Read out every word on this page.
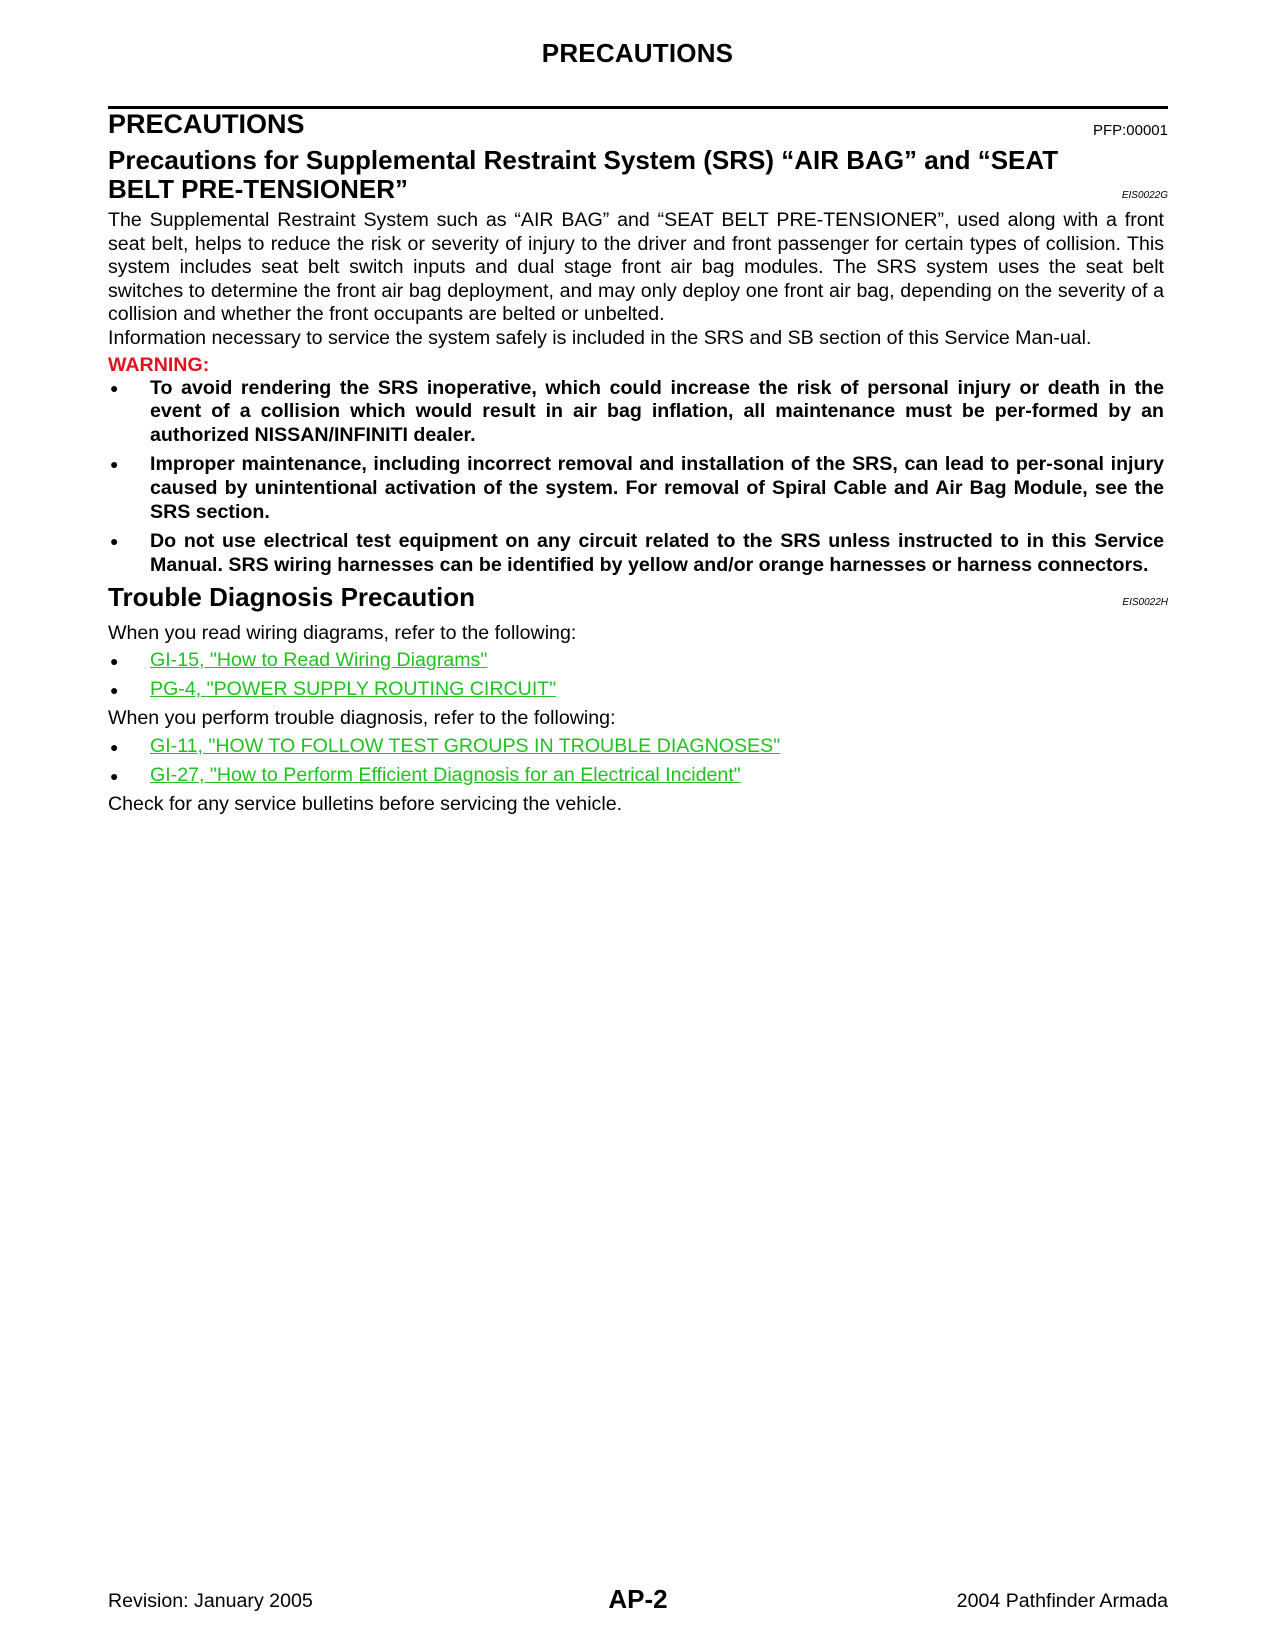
PRECAUTIONS
PRECAUTIONS	PFP:00001
Precautions for Supplemental Restraint System (SRS) “AIR BAG” and “SEAT BELT PRE-TENSIONER”	EIS0022G

The Supplemental Restraint System such as “AIR BAG” and “SEAT BELT PRE-TENSIONER”, used along with a front seat belt, helps to reduce the risk or severity of injury to the driver and front passenger for certain types of collision. This system includes seat belt switch inputs and dual stage front air bag modules. The SRS system uses the seat belt switches to determine the front air bag deployment, and may only deploy one front air bag, depending on the severity of a collision and whether the front occupants are belted or unbelted.

Information necessary to service the system safely is included in the SRS and SB section of this Service Man-ual.

WARNING:
● To avoid rendering the SRS inoperative, which could increase the risk of personal injury or death in the event of a collision which would result in air bag inflation, all maintenance must be per-formed by an authorized NISSAN/INFINITI dealer.
● Improper maintenance, including incorrect removal and installation of the SRS, can lead to per-sonal injury caused by unintentional activation of the system. For removal of Spiral Cable and Air Bag Module, see the SRS section.
● Do not use electrical test equipment on any circuit related to the SRS unless instructed to in this Service Manual. SRS wiring harnesses can be identified by yellow and/or orange harnesses or harness connectors.
Trouble Diagnosis Precaution	EIS0022H

When you read wiring diagrams, refer to the following:

● GI-15, "How to Read Wiring Diagrams"
● PG-4, "POWER SUPPLY ROUTING CIRCUIT"

When you perform trouble diagnosis, refer to the following:

● GI-11, "HOW TO FOLLOW TEST GROUPS IN TROUBLE DIAGNOSES"
● GI-27, "How to Perform Efficient Diagnosis for an Electrical Incident"

Check for any service bulletins before servicing the vehicle.

Revision: January 2005	AP-2	2004 Pathfinder Armada
